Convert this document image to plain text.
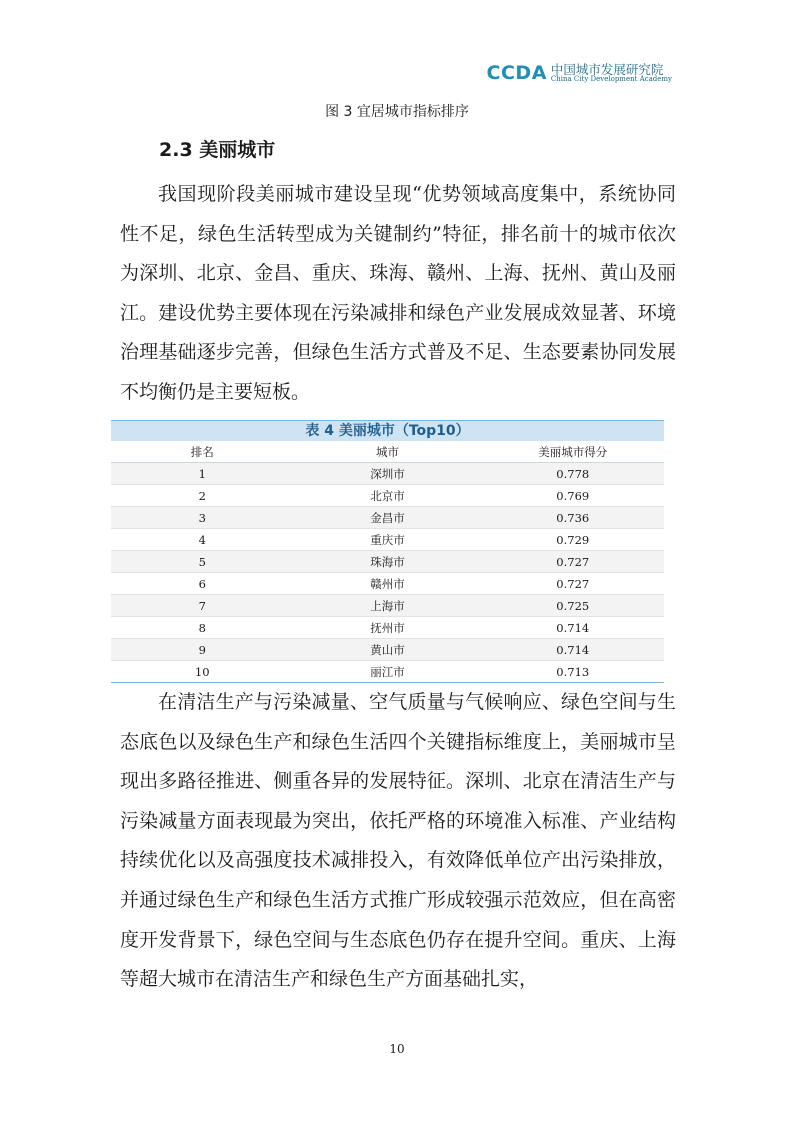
CCDA 中国城市发展研究院
China City Development Academy
图 3 宜居城市指标排序
2.3 美丽城市

我国现阶段美丽城市建设呈现“优势领域高度集中，系统协同性不足，绿色生活转型成为关键制约”特征，排名前十的城市依次为深圳、北京、金昌、重庆、珠海、赣州、上海、抚州、黄山及丽江。建设优势主要体现在污染减排和绿色产业发展成效显著、环境治理基础逐步完善，但绿色生活方式普及不足、生态要素协同发展不均衡仍是主要短板。

表 4 美丽城市（Top10）
排名	城市	美丽城市得分
1	深圳市	0.778
2	北京市	0.769
3	金昌市	0.736
4	重庆市	0.729
5	珠海市	0.727
6	赣州市	0.727
7	上海市	0.725
8	抚州市	0.714
9	黄山市	0.714
10	丽江市	0.713

在清洁生产与污染减量、空气质量与气候响应、绿色空间与生态底色以及绿色生产和绿色生活四个关键指标维度上，美丽城市呈现出多路径推进、侧重各异的发展特征。深圳、北京在清洁生产与污染减量方面表现最为突出，依托严格的环境准入标准、产业结构持续优化以及高强度技术减排投入，有效降低单位产出污染排放，并通过绿色生产和绿色生活方式推广形成较强示范效应，但在高密度开发背景下，绿色空间与生态底色仍存在提升空间。重庆、上海等超大城市在清洁生产和绿色生产方面基础扎实，

10
